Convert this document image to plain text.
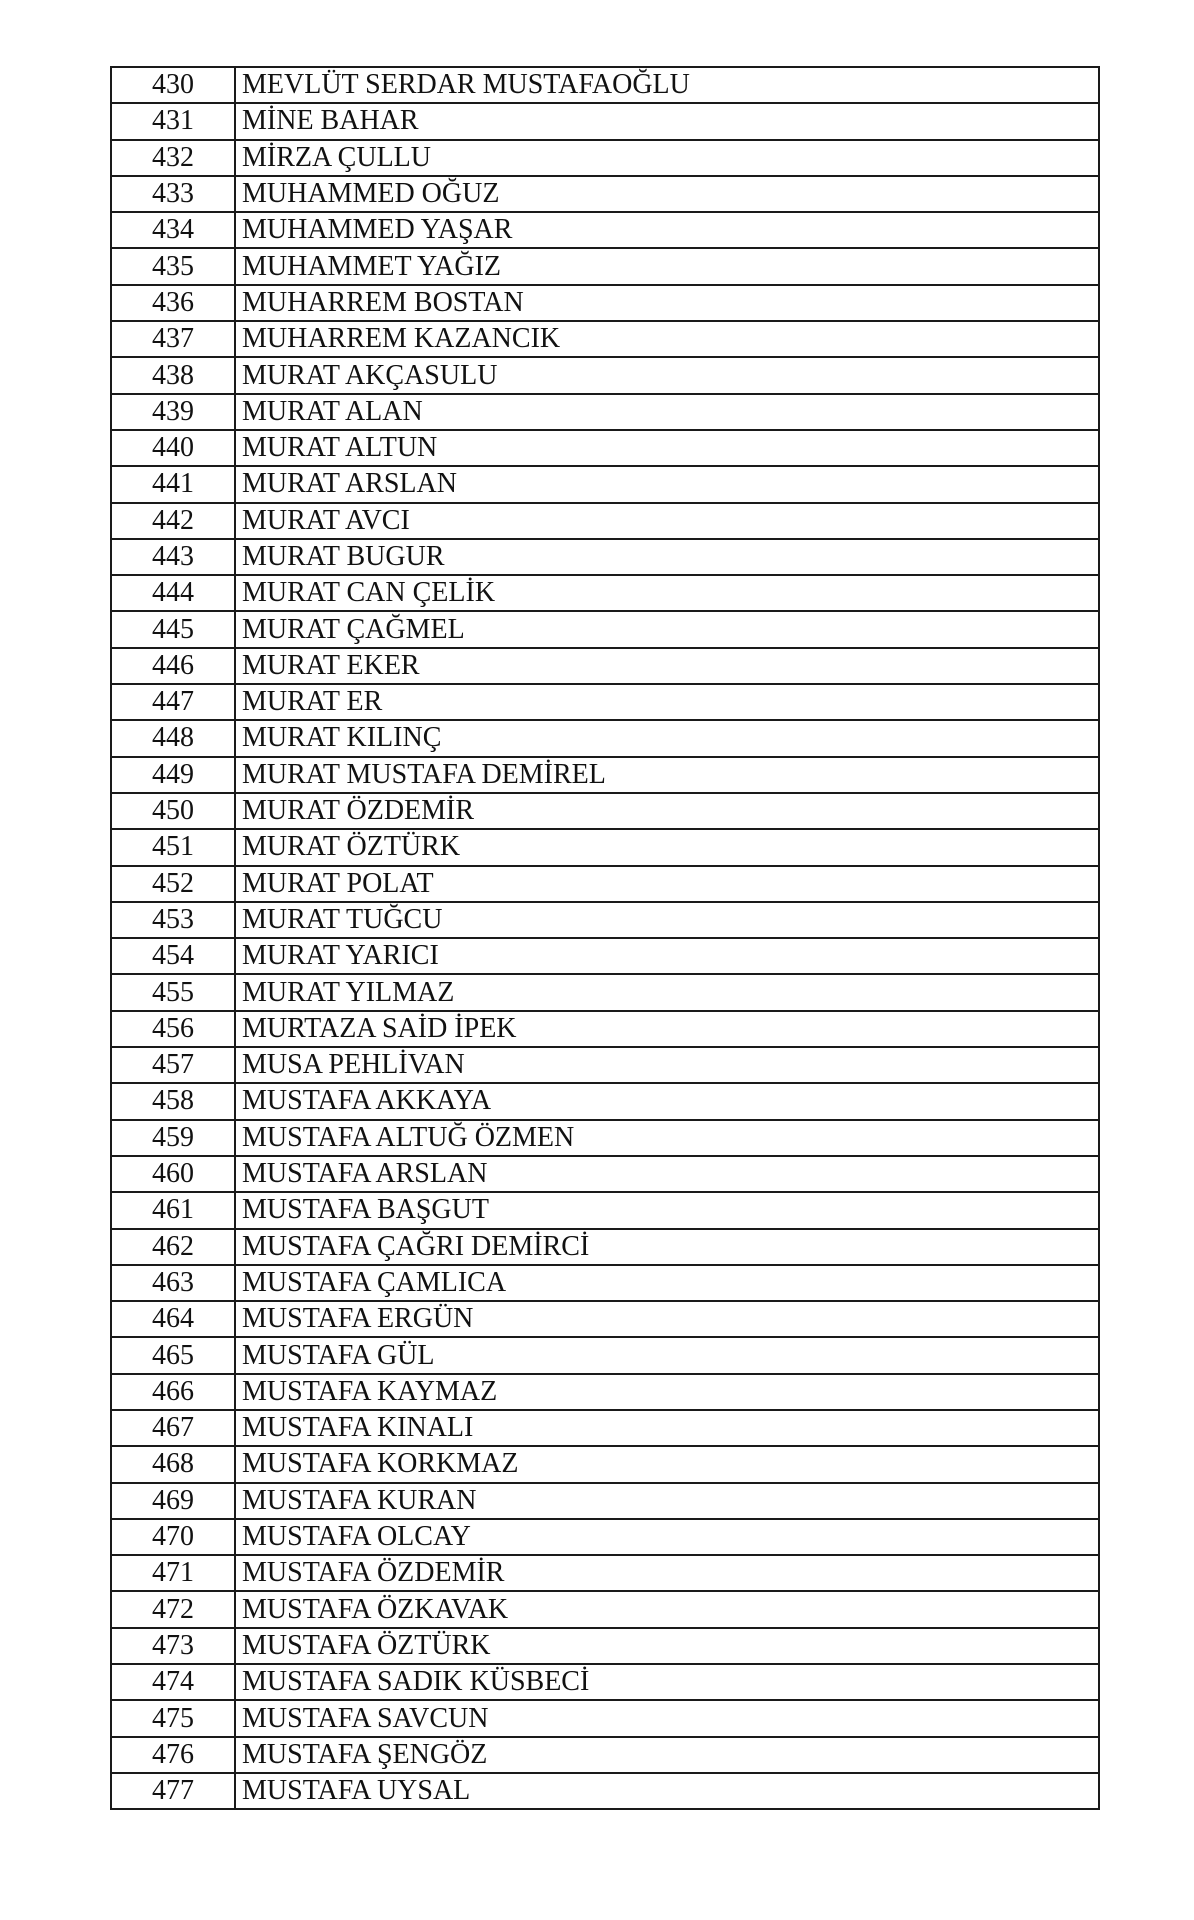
430	MEVLÜT SERDAR MUSTAFAOĞLU
431	MİNE BAHAR
432	MİRZA ÇULLU
433	MUHAMMED OĞUZ
434	MUHAMMED YAŞAR
435	MUHAMMET YAĞIZ
436	MUHARREM BOSTAN
437	MUHARREM KAZANCIK
438	MURAT AKÇASULU
439	MURAT ALAN
440	MURAT ALTUN
441	MURAT ARSLAN
442	MURAT AVCI
443	MURAT BUGUR
444	MURAT CAN ÇELİK
445	MURAT ÇAĞMEL
446	MURAT EKER
447	MURAT ER
448	MURAT KILINÇ
449	MURAT MUSTAFA DEMİREL
450	MURAT ÖZDEMİR
451	MURAT ÖZTÜRK
452	MURAT POLAT
453	MURAT TUĞCU
454	MURAT YARICI
455	MURAT YILMAZ
456	MURTAZA SAİD İPEK
457	MUSA PEHLİVAN
458	MUSTAFA AKKAYA
459	MUSTAFA ALTUĞ ÖZMEN
460	MUSTAFA ARSLAN
461	MUSTAFA BAŞGUT
462	MUSTAFA ÇAĞRI DEMİRCİ
463	MUSTAFA ÇAMLICA
464	MUSTAFA ERGÜN
465	MUSTAFA GÜL
466	MUSTAFA KAYMAZ
467	MUSTAFA KINALI
468	MUSTAFA KORKMAZ
469	MUSTAFA KURAN
470	MUSTAFA OLCAY
471	MUSTAFA ÖZDEMİR
472	MUSTAFA ÖZKAVAK
473	MUSTAFA ÖZTÜRK
474	MUSTAFA SADIK KÜSBECİ
475	MUSTAFA SAVCUN
476	MUSTAFA ŞENGÖZ
477	MUSTAFA UYSAL
